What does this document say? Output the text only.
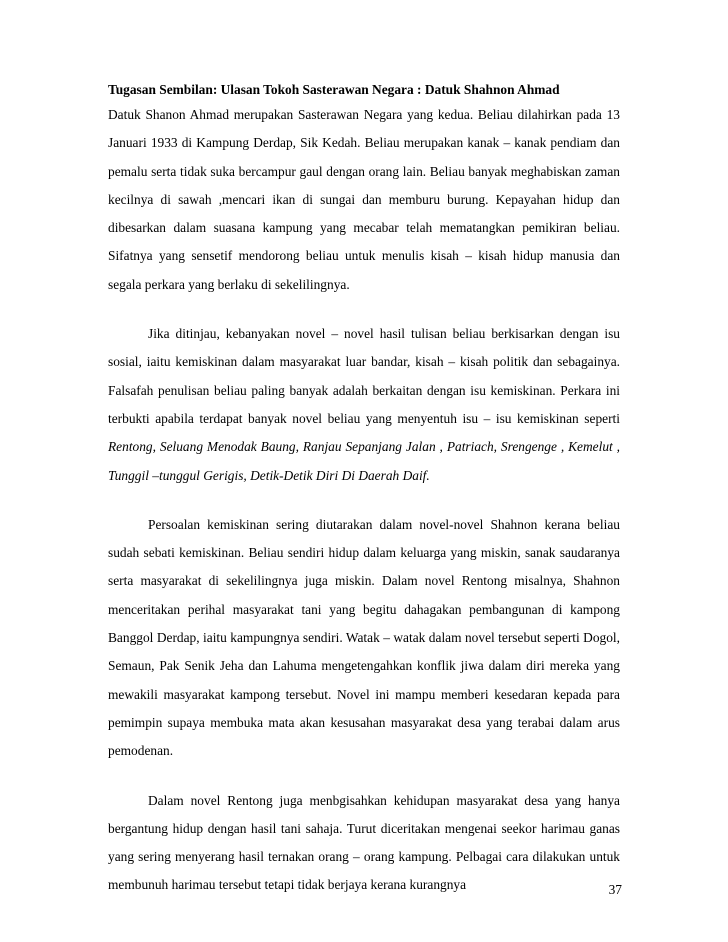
Tugasan Sembilan: Ulasan Tokoh Sasterawan Negara : Datuk Shahnon Ahmad

Datuk Shanon Ahmad merupakan Sasterawan Negara yang kedua. Beliau dilahirkan pada 13 Januari 1933 di Kampung Derdap, Sik Kedah. Beliau merupakan kanak – kanak pendiam dan pemalu serta tidak suka bercampur gaul dengan orang lain. Beliau banyak meghabiskan zaman kecilnya di sawah ,mencari ikan di sungai dan memburu burung. Kepayahan hidup dan dibesarkan dalam suasana kampung yang mecabar telah mematangkan pemikiran beliau. Sifatnya yang sensetif mendorong beliau untuk menulis kisah – kisah hidup manusia dan segala perkara yang berlaku di sekelilingnya.

Jika ditinjau, kebanyakan novel – novel hasil tulisan beliau berkisarkan dengan isu sosial, iaitu kemiskinan dalam masyarakat luar bandar, kisah – kisah politik dan sebagainya. Falsafah penulisan beliau paling banyak adalah berkaitan dengan isu kemiskinan. Perkara ini terbukti apabila terdapat banyak novel beliau yang menyentuh isu – isu kemiskinan seperti Rentong, Seluang Menodak Baung, Ranjau Sepanjang Jalan , Patriach, Srengenge , Kemelut , Tunggil –tunggul Gerigis, Detik-Detik Diri Di Daerah Daif.

Persoalan kemiskinan sering diutarakan dalam novel-novel Shahnon kerana beliau sudah sebati kemiskinan. Beliau sendiri hidup dalam keluarga yang miskin, sanak saudaranya serta masyarakat di sekelilingnya juga miskin. Dalam novel Rentong misalnya, Shahnon menceritakan perihal masyarakat tani yang begitu dahagakan pembangunan di kampong Banggol Derdap, iaitu kampungnya sendiri. Watak – watak dalam novel tersebut seperti Dogol, Semaun, Pak Senik Jeha dan Lahuma mengetengahkan konflik jiwa dalam diri mereka yang mewakili masyarakat kampong tersebut. Novel ini mampu memberi kesedaran kepada para pemimpin supaya membuka mata akan kesusahan masyarakat desa yang terabai dalam arus pemodenan.

Dalam novel Rentong juga menbgisahkan kehidupan masyarakat desa yang hanya bergantung hidup dengan hasil tani sahaja. Turut diceritakan mengenai seekor harimau ganas yang sering menyerang hasil ternakan orang – orang kampung. Pelbagai cara dilakukan untuk membunuh harimau tersebut tetapi tidak berjaya kerana kurangnya	37
